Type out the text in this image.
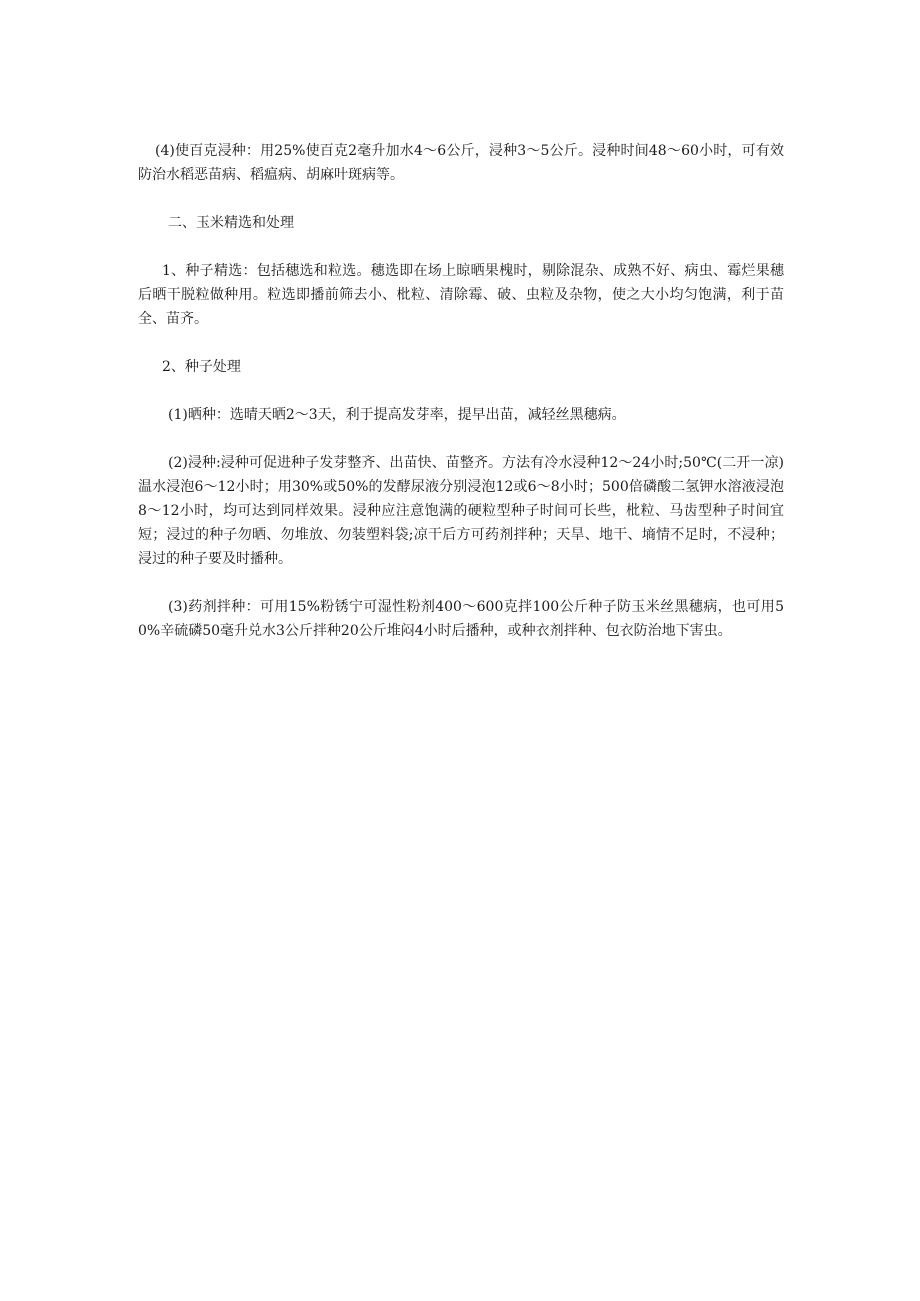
(4)使百克浸种：用25%使百克2毫升加水4～6公斤，浸种3～5公斤。浸种时间48～60小时，可有效防治水稻恶苗病、稻瘟病、胡麻叶斑病等。

二、玉米精选和处理

1、种子精选：包括穗选和粒选。穗选即在场上晾晒果槐时，剔除混杂、成熟不好、病虫、霉烂果穗后晒干脱粒做种用。粒选即播前筛去小、枇粒、清除霉、破、虫粒及杂物，使之大小均匀饱满，利于苗全、苗齐。

2、种子处理

(1)晒种：选晴天晒2～3天，利于提高发芽率，提早出苗，减轻丝黑穗病。

(2)浸种:浸种可促进种子发芽整齐、出苗快、苗整齐。方法有冷水浸种12～24小时;50℃(二开一凉)温水浸泡6～12小时；用30%或50%的发酵尿液分别浸泡12或6～8小时；500倍磷酸二氢钾水溶液浸泡8～12小时，均可达到同样效果。浸种应注意饱满的硬粒型种子时间可长些，枇粒、马齿型种子时间宜短；浸过的种子勿晒、勿堆放、勿装塑料袋;凉干后方可药剂拌种；天旱、地干、墒情不足时，不浸种；浸过的种子要及时播种。

(3)药剂拌种：可用15%粉锈宁可湿性粉剂400～600克拌100公斤种子防玉米丝黑穗病，也可用50%辛硫磷50毫升兑水3公斤拌种20公斤堆闷4小时后播种，或种衣剂拌种、包衣防治地下害虫。
